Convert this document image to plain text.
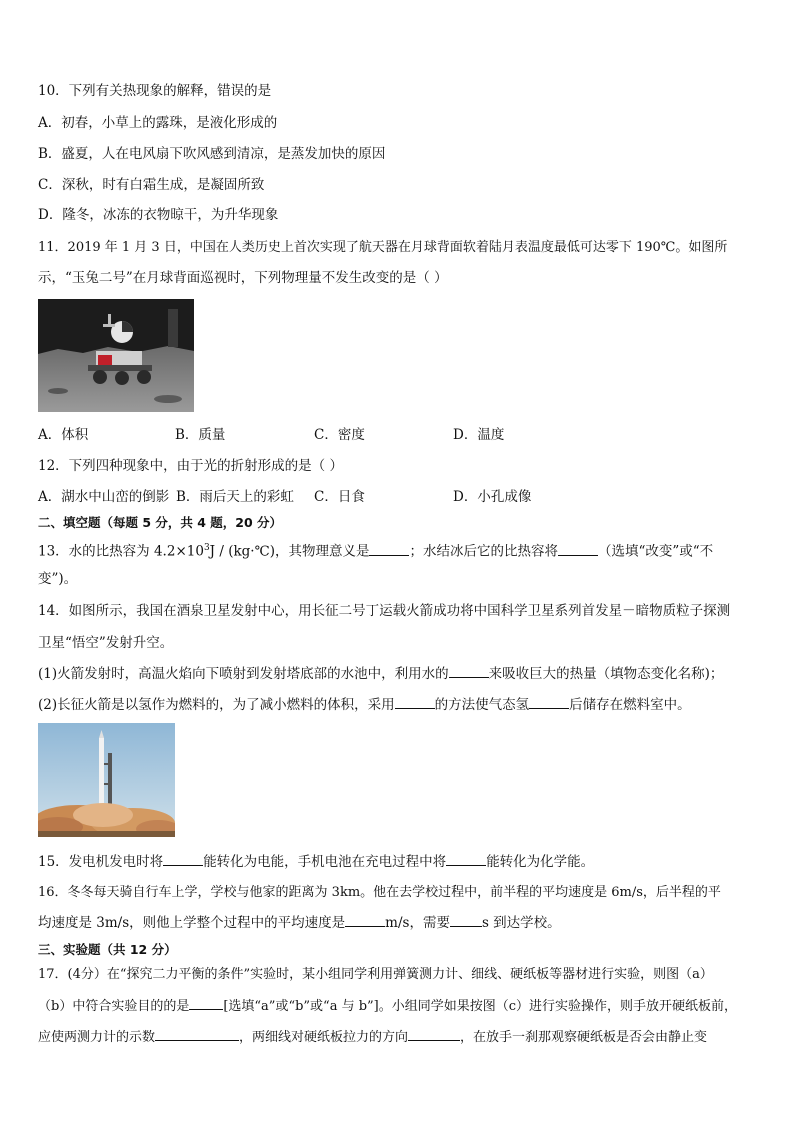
10．下列有关热现象的解释，错误的是
A．初春，小草上的露珠，是液化形成的
B．盛夏，人在电风扇下吹风感到清凉，是蒸发加快的原因
C．深秋，时有白霜生成，是凝固所致
D．隆冬，冰冻的衣物晾干，为升华现象
11．2019 年 1 月 3 日，中国在人类历史上首次实现了航天器在月球背面软着陆月表温度最低可达零下 190℃。如图所
示，“玉兔二号”在月球背面巡视时，下列物理量不发生改变的是（ ）
A．体积	B．质量	C．密度	D．温度
12．下列四种现象中，由于光的折射形成的是（ ）
A．湖水中山峦的倒影 B．雨后天上的彩虹 C．日食	D．小孔成像
二、填空题（每题 5 分，共 4 题，20 分）
13．水的比热容为 $4.2\times 10^3J$ / (kg·℃)，其物理意义是	；水结冰后它的比热容将	（选填“改变”或“不
变”)。
14．如图所示，我国在酒泉卫星发射中心，用长征二号丁运载火箭成功将中国科学卫星系列首发星－暗物质粒子探测
卫星“悟空”发射升空。
(1)火箭发射时，高温火焰向下喷射到发射塔底部的水池中，利用水的	来吸收巨大的热量（填物态变化名称)；
(2)长征火箭是以氢作为燃料的，为了减小燃料的体积，采用	的方法使气态氢	后储存在燃料室中。
15．发电机发电时将	能转化为电能，手机电池在充电过程中将	能转化为化学能。
16．冬冬每天骑自行车上学，学校与他家的距离为 3km。他在去学校过程中，前半程的平均速度是 6m/s，后半程的平
均速度是 3m/s，则他上学整个过程中的平均速度是	m/s，需要 s 到达学校。
三、实验题（共 12 分）
17．(4分）在“探究二力平衡的条件”实验时，某小组同学利用弹簧测力计、细线、硬纸板等器材进行实验，则图（a）
（b）中符合实验目的的是	[选填“a”或“b”或“a 与 b”]。小组同学如果按图（c）进行实验操作，则手放开硬纸板前，
应使两测力计的示数	，两细线对硬纸板拉力的方向	，在放手一刹那观察硬纸板是否会由静止变
